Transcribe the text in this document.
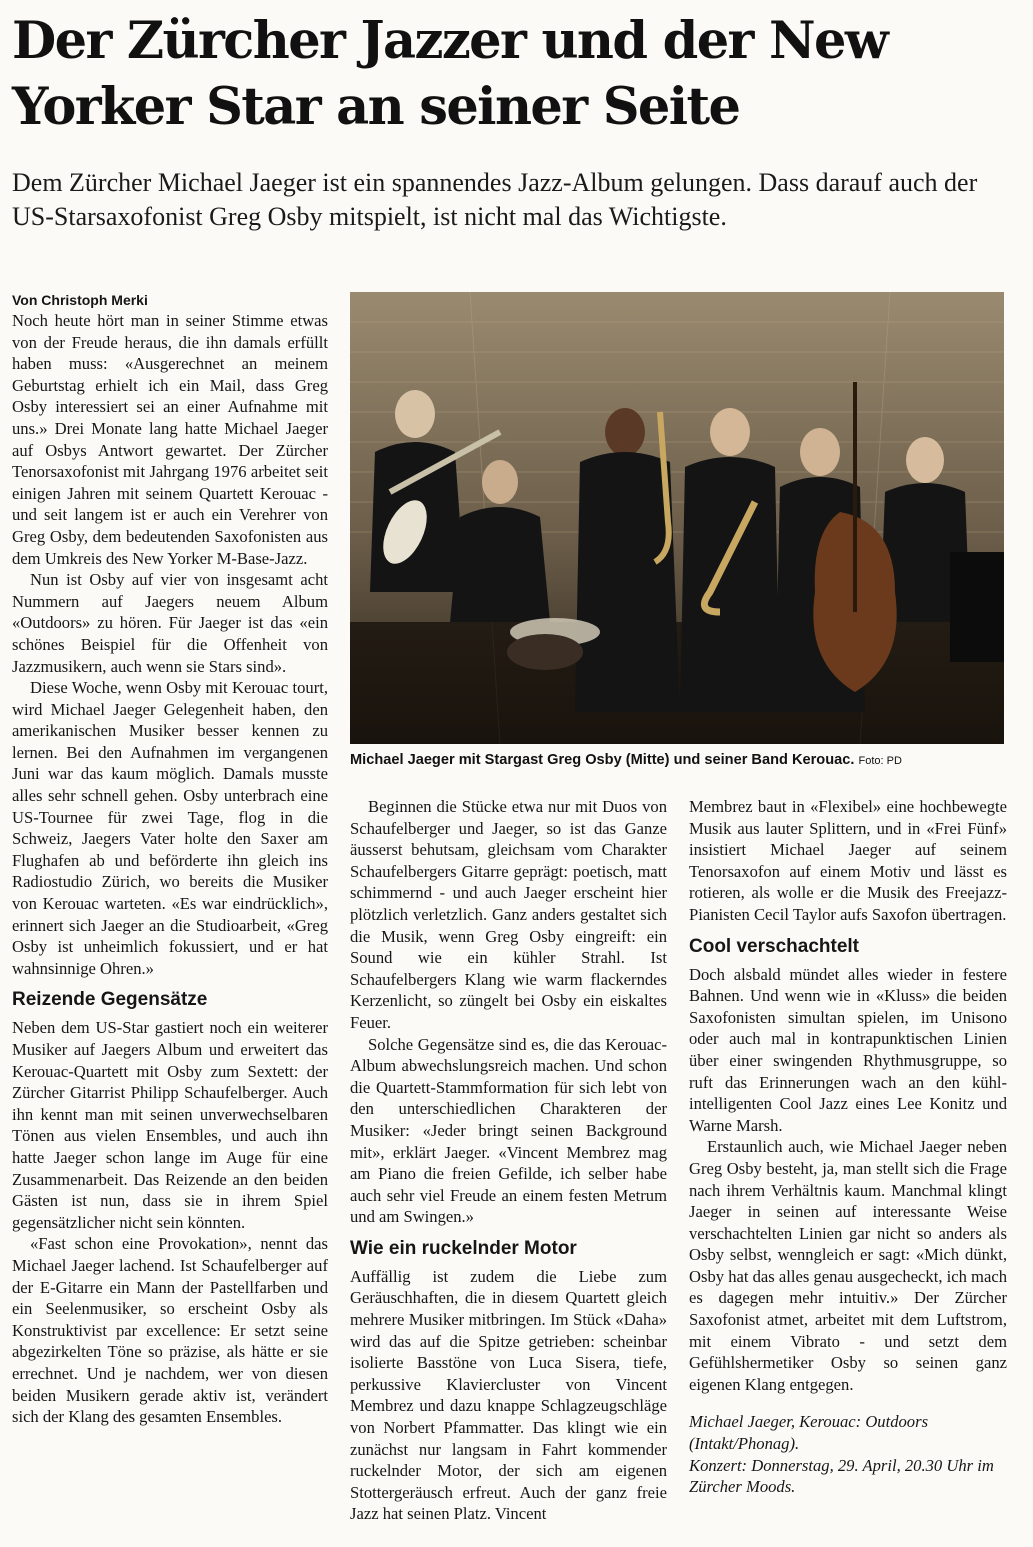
Der Zürcher Jazzer und der New Yorker Star an seiner Seite

Dem Zürcher Michael Jaeger ist ein spannendes Jazz-Album gelungen. Dass darauf auch der US-Starsaxofonist Greg Osby mitspielt, ist nicht mal das Wichtigste.

Von Christoph Merki

Noch heute hört man in seiner Stimme etwas von der Freude heraus, die ihn damals erfüllt haben muss: «Ausgerechnet an meinem Geburtstag erhielt ich ein Mail, dass Greg Osby interessiert sei an einer Aufnahme mit uns.» Drei Monate lang hatte Michael Jaeger auf Osbys Antwort gewartet. Der Zürcher Tenorsaxofonist mit Jahrgang 1976 arbeitet seit einigen Jahren mit seinem Quartett Kerouac - und seit langem ist er auch ein Verehrer von Greg Osby, dem bedeutenden Saxofonisten aus dem Umkreis des New Yorker M-Base-Jazz.

Nun ist Osby auf vier von insgesamt acht Nummern auf Jaegers neuem Album «Outdoors» zu hören. Für Jaeger ist das «ein schönes Beispiel für die Offenheit von Jazzmusikern, auch wenn sie Stars sind».

Diese Woche, wenn Osby mit Kerouac tourt, wird Michael Jaeger Gelegenheit haben, den amerikanischen Musiker besser kennen zu lernen. Bei den Aufnahmen im vergangenen Juni war das kaum möglich. Damals musste alles sehr schnell gehen. Osby unterbrach eine US-Tournee für zwei Tage, flog in die Schweiz, Jaegers Vater holte den Saxer am Flughafen ab und beförderte ihn gleich ins Radiostudio Zürich, wo bereits die Musiker von Kerouac warteten. «Es war eindrücklich», erinnert sich Jaeger an die Studioarbeit, «Greg Osby ist unheimlich fokussiert, und er hat wahnsinnige Ohren.»

Reizende Gegensätze

Neben dem US-Star gastiert noch ein weiterer Musiker auf Jaegers Album und erweitert das Kerouac-Quartett mit Osby zum Sextett: der Zürcher Gitarrist Philipp Schaufelberger. Auch ihn kennt man mit seinen unverwechselbaren Tönen aus vielen Ensembles, und auch ihn hatte Jaeger schon lange im Auge für eine Zusammenarbeit. Das Reizende an den beiden Gästen ist nun, dass sie in ihrem Spiel gegensätzlicher nicht sein könnten.

«Fast schon eine Provokation», nennt das Michael Jaeger lachend. Ist Schaufelberger auf der E-Gitarre ein Mann der Pastellfarben und ein Seelenmusiker, so erscheint Osby als Konstruktivist par excellence: Er setzt seine abgezirkelten Töne so präzise, als hätte er sie errechnet. Und je nachdem, wer von diesen beiden Musikern gerade aktiv ist, verändert sich der Klang des gesamten Ensembles.

Michael Jaeger mit Stargast Greg Osby (Mitte) und seiner Band Kerouac. Foto: PD

Beginnen die Stücke etwa nur mit Duos von Schaufelberger und Jaeger, so ist das Ganze äusserst behutsam, gleichsam vom Charakter Schaufelbergers Gitarre geprägt: poetisch, matt schimmernd - und auch Jaeger erscheint hier plötzlich verletzlich. Ganz anders gestaltet sich die Musik, wenn Greg Osby eingreift: ein Sound wie ein kühler Strahl. Ist Schaufelbergers Klang wie warm flackerndes Kerzenlicht, so züngelt bei Osby ein eiskaltes Feuer.

Solche Gegensätze sind es, die das Kerouac-Album abwechslungsreich machen. Und schon die Quartett-Stammformation für sich lebt von den unterschiedlichen Charakteren der Musiker: «Jeder bringt seinen Background mit», erklärt Jaeger. «Vincent Membrez mag am Piano die freien Gefilde, ich selber habe auch sehr viel Freude an einem festen Metrum und am Swingen.»

Wie ein ruckelnder Motor

Auffällig ist zudem die Liebe zum Geräuschhaften, die in diesem Quartett gleich mehrere Musiker mitbringen. Im Stück «Daha» wird das auf die Spitze getrieben: scheinbar isolierte Basstöne von Luca Sisera, tiefe, perkussive Klaviercluster von Vincent Membrez und dazu knappe Schlagzeugschläge von Norbert Pfammatter. Das klingt wie ein zunächst nur langsam in Fahrt kommender ruckelnder Motor, der sich am eigenen Stottergeräusch erfreut. Auch der ganz freie Jazz hat seinen Platz. Vincent

Membrez baut in «Flexibel» eine hochbewegte Musik aus lauter Splittern, und in «Frei Fünf» insistiert Michael Jaeger auf seinem Tenorsaxofon auf einem Motiv und lässt es rotieren, als wolle er die Musik des Freejazz-Pianisten Cecil Taylor aufs Saxofon übertragen.

Cool verschachtelt

Doch alsbald mündet alles wieder in festere Bahnen. Und wenn wie in «Kluss» die beiden Saxofonisten simultan spielen, im Unisono oder auch mal in kontrapunktischen Linien über einer swingenden Rhythmusgruppe, so ruft das Erinnerungen wach an den kühl-intelligenten Cool Jazz eines Lee Konitz und Warne Marsh.

Erstaunlich auch, wie Michael Jaeger neben Greg Osby besteht, ja, man stellt sich die Frage nach ihrem Verhältnis kaum. Manchmal klingt Jaeger in seinen auf interessante Weise verschachtelten Linien gar nicht so anders als Osby selbst, wenngleich er sagt: «Mich dünkt, Osby hat das alles genau ausgecheckt, ich mach es dagegen mehr intuitiv.» Der Zürcher Saxofonist atmet, arbeitet mit dem Luftstrom, mit einem Vibrato - und setzt dem Gefühlshermetiker Osby so seinen ganz eigenen Klang entgegen.

Michael Jaeger, Kerouac: Outdoors (Intakt/Phonag).

Konzert: Donnerstag, 29. April, 20.30 Uhr im Zürcher Moods.
